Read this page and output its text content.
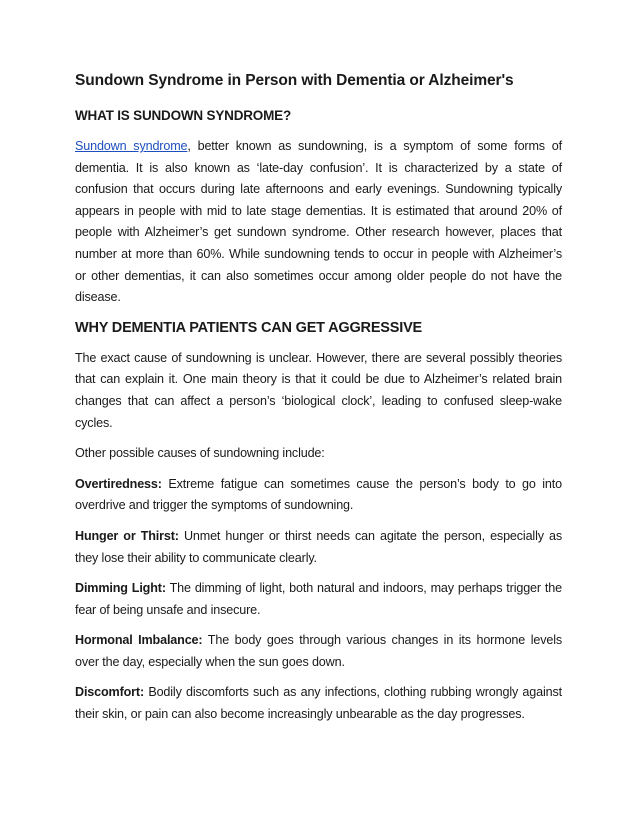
Sundown Syndrome in Person with Dementia or Alzheimer's
WHAT IS SUNDOWN SYNDROME?

Sundown syndrome, better known as sundowning, is a symptom of some forms of dementia. It is also known as ‘late-day confusion’. It is characterized by a state of confusion that occurs during late afternoons and early evenings. Sundowning typically appears in people with mid to late stage dementias. It is estimated that around 20% of people with Alzheimer’s get sundown syndrome. Other research however, places that number at more than 60%. While sundowning tends to occur in people with Alzheimer’s or other dementias, it can also sometimes occur among older people do not have the disease.

WHY DEMENTIA PATIENTS CAN GET AGGRESSIVE

The exact cause of sundowning is unclear. However, there are several possibly theories that can explain it. One main theory is that it could be due to Alzheimer’s related brain changes that can affect a person’s ‘biological clock’, leading to confused sleep-wake cycles.

Other possible causes of sundowning include:

Overtiredness: Extreme fatigue can sometimes cause the person’s body to go into overdrive and trigger the symptoms of sundowning.

Hunger or Thirst: Unmet hunger or thirst needs can agitate the person, especially as they lose their ability to communicate clearly.

Dimming Light: The dimming of light, both natural and indoors, may perhaps trigger the fear of being unsafe and insecure.

Hormonal Imbalance: The body goes through various changes in its hormone levels over the day, especially when the sun goes down.

Discomfort: Bodily discomforts such as any infections, clothing rubbing wrongly against their skin, or pain can also become increasingly unbearable as the day progresses.
